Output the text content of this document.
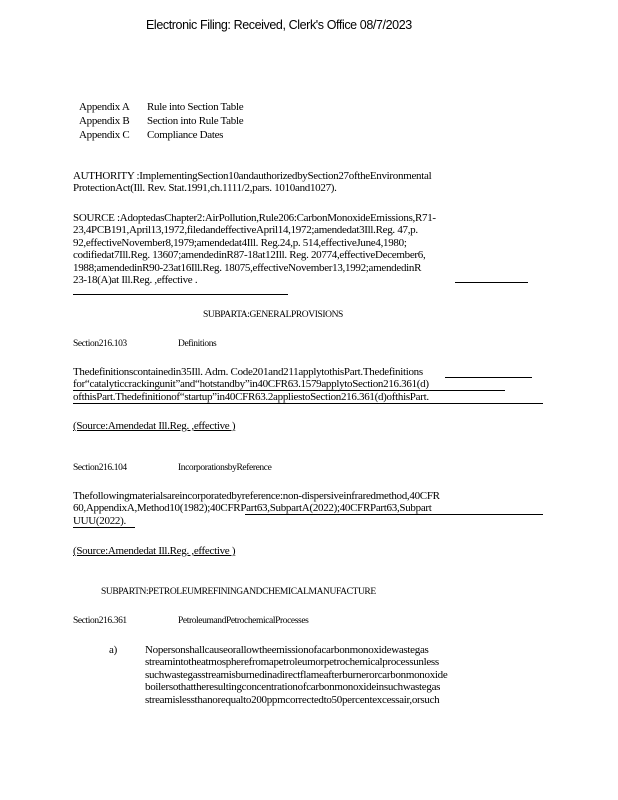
Electronic Filing: Received, Clerk's Office 08/7/2023
Appendix A Rule into Section Table
Appendix B Section into Rule Table
Appendix C Compliance Dates
AUTHORITY :ImplementingSection10andauthorizedbySection27oftheEnvironmental
ProtectionAct(Ill. Rev. Stat.1991,ch.1111/2,pars. 1010and1027).
SOURCE :AdoptedasChapter2:AirPollution,Rule206:CarbonMonoxideEmissions,R71-
23,4PCB191,April13,1972,filedandeffectiveApril14,1972;amendedat3Ill.Reg. 47,p.
92,effectiveNovember8,1979;amendedat4Ill. Reg.24,p. 514,effectiveJune4,1980;
codifiedat7Ill.Reg. 13607;amendedinR87-18at12Ill. Reg. 20774,effectiveDecember6,
1988;amendedinR90-23at16Ill.Reg. 18075,effectiveNovember13,1992;amendedinR
23-18(A)at Ill.Reg. ,effective .
SUBPARTA:GENERALPROVISIONS
Section216.103	Definitions
Thedefinitionscontainedin35Ill. Adm. Code201and211applytothisPart.Thedefinitions
for“catalyticcrackingunit”and“hotstandby”in40CFR63.1579applytoSection216.361(d)
ofthisPart.Thedefinitionof“startup”in40CFR63.2appliestoSection216.361(d)ofthisPart.
(Source:Amendedat Ill.Reg. ,effective )
Section216.104	IncorporationsbyReference
Thefollowingmaterialsareincorporatedbyreference:non-dispersiveinfraredmethod,40CFR
60,AppendixA,Method10(1982);40CFRPart63,SubpartA(2022);40CFRPart63,Subpart
UUU(2022).
(Source:Amendedat Ill.Reg. ,effective )
SUBPARTN:PETROLEUMREFININGANDCHEMICALMANUFACTURE
Section216.361	PetroleumandPetrochemicalProcesses
a)	Nopersonshallcauseorallowtheemissionofacarbonmonoxidewastegas
streamintotheatmospherefromapetroleumorpetrochemicalprocessunless
suchwastegasstreamisburnedinadirectflameafterburnerorcarbonmonoxide
boilersothattheresultingconcentrationofcarbonmonoxideinsuchwastegas
streamislessthanorequalto200ppmcorrectedto50percentexcessair,orsuch
